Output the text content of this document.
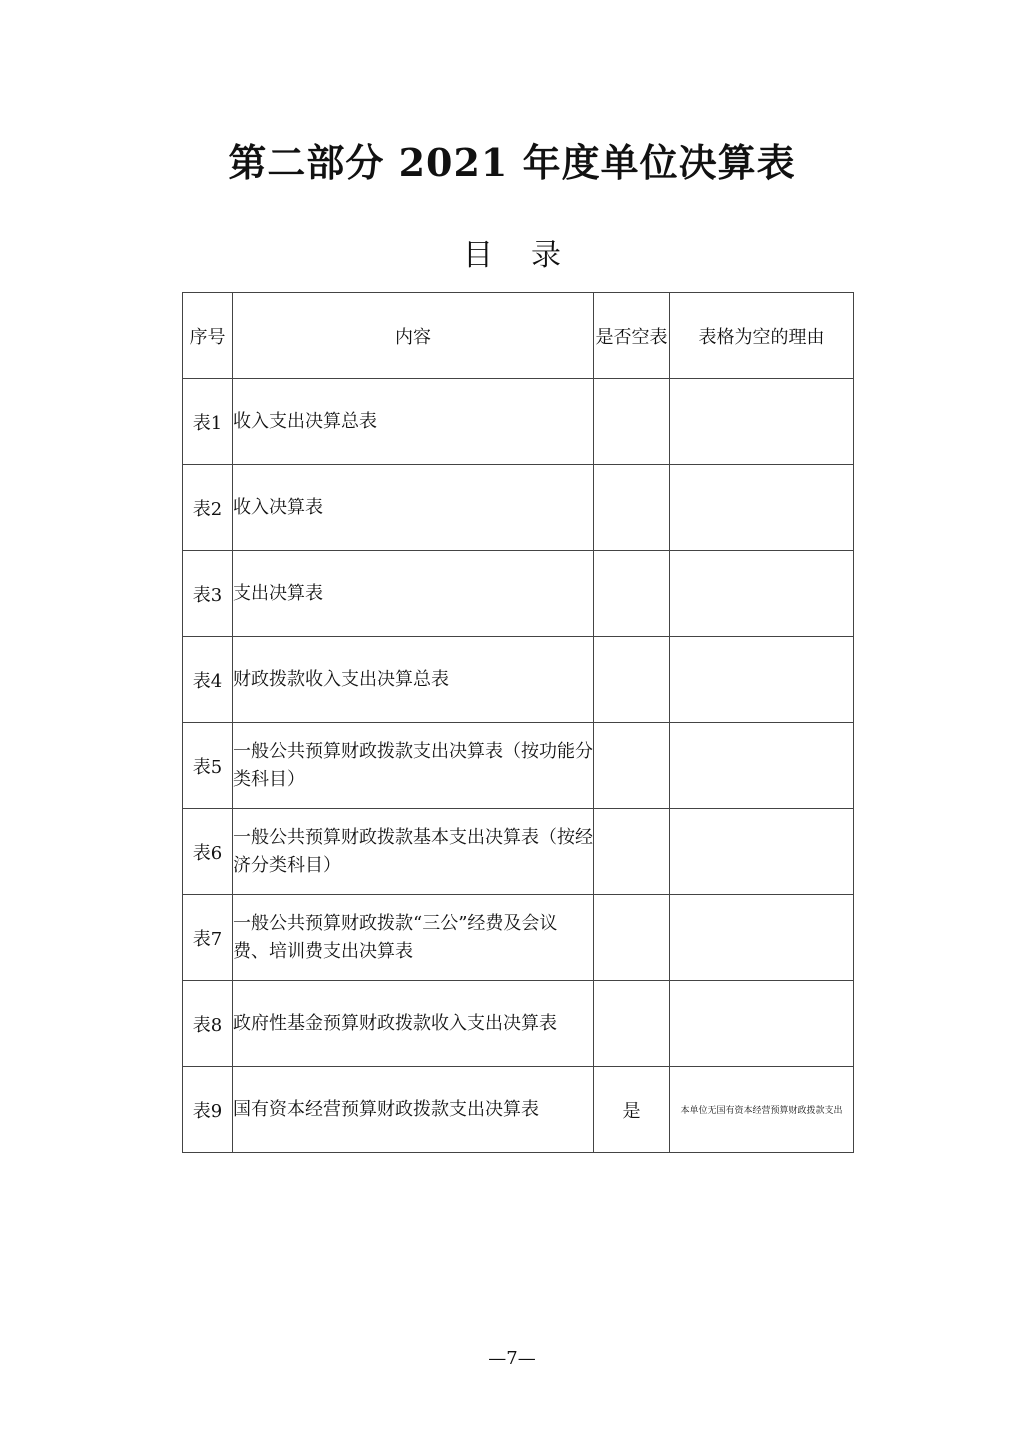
第二部分 2021 年度单位决算表
目录
序号	内容	是否空表	表格为空的理由
表1	收入支出决算总表		
表2	收入决算表		
表3	支出决算表		
表4	财政拨款收入支出决算总表		
表5	一般公共预算财政拨款支出决算表（按功能分类科目）		
表6	一般公共预算财政拨款基本支出决算表（按经济分类科目）		
表7	一般公共预算财政拨款“三公”经费及会议费、培训费支出决算表		
表8	政府性基金预算财政拨款收入支出决算表		
表9	国有资本经营预算财政拨款支出决算表	是	本单位无国有资本经营预算财政拨款支出
—7—
